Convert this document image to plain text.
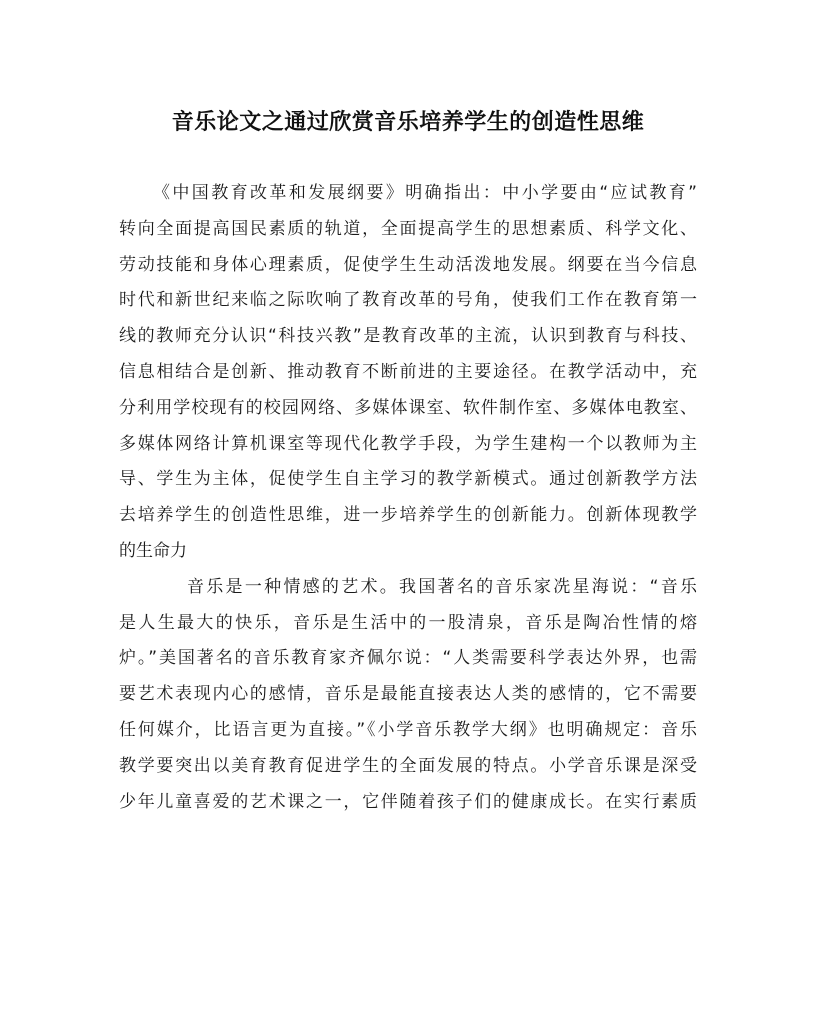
音乐论文之通过欣赏音乐培养学生的创造性思维
《中国教育改革和发展纲要》明确指出：中小学要由“应试教育”
转向全面提高国民素质的轨道，全面提高学生的思想素质、科学文化、
劳动技能和身体心理素质，促使学生生动活泼地发展。纲要在当今信息
时代和新世纪来临之际吹响了教育改革的号角，使我们工作在教育第一
线的教师充分认识“科技兴教”是教育改革的主流，认识到教育与科技、
信息相结合是创新、推动教育不断前进的主要途径。在教学活动中，充
分利用学校现有的校园网络、多媒体课室、软件制作室、多媒体电教室、
多媒体网络计算机课室等现代化教学手段，为学生建构一个以教师为主
导、学生为主体，促使学生自主学习的教学新模式。通过创新教学方法
去培养学生的创造性思维，进一步培养学生的创新能力。创新体现教学
的生命力
音乐是一种情感的艺术。我国著名的音乐家冼星海说：“音乐
是人生最大的快乐，音乐是生活中的一股清泉，音乐是陶冶性情的熔
炉。”美国著名的音乐教育家齐佩尔说：“人类需要科学表达外界，也需
要艺术表现内心的感情，音乐是最能直接表达人类的感情的，它不需要
任何媒介，比语言更为直接。”《小学音乐教学大纲》也明确规定：音乐
教学要突出以美育教育促进学生的全面发展的特点。小学音乐课是深受
少年儿童喜爱的艺术课之一，它伴随着孩子们的健康成长。在实行素质
